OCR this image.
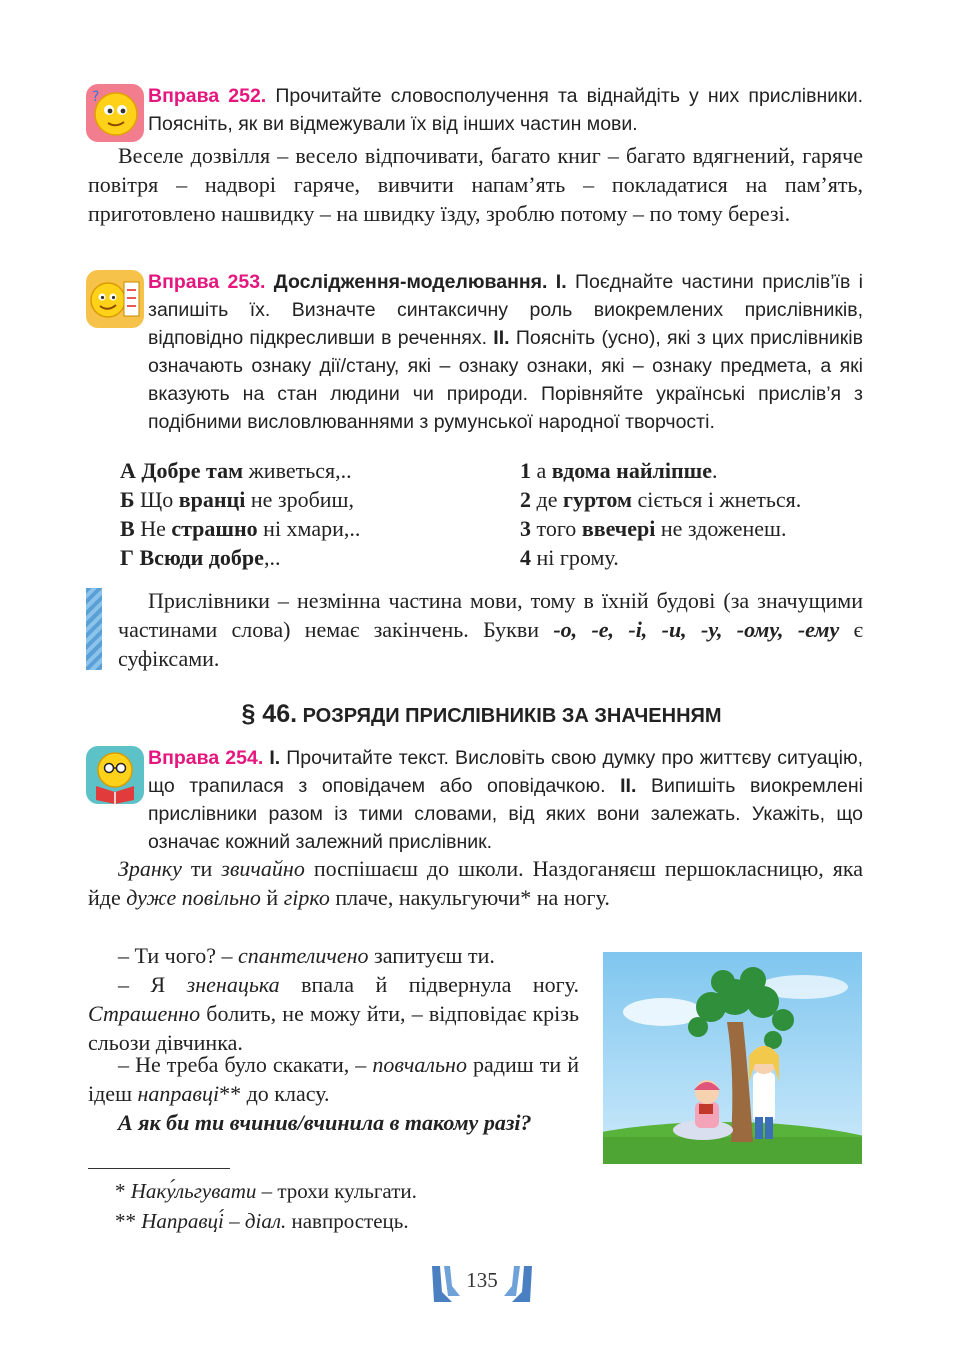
? Вправа 252. Прочитайте словосполучення та віднайдіть у них прислівники. Поясніть, як ви відмежували їх від інших частин мови.
Веселе дозвілля – весело відпочивати, багато книг – багато вдягнений, гаряче повітря – надворі гаряче, вивчити напам’ять – покладатися на пам’ять, приготовлено нашвидку – на швидку їзду, зроблю потому – по тому березі.
Вправа 253. Дослідження-моделювання. I. Поєднайте частини прислів’їв і запишіть їх. Визначте синтаксичну роль виокремлених прислівників, відповідно підкресливши в реченнях. II. Поясніть (усно), які з цих прислівників означають ознаку дії/стану, які – ознаку ознаки, які – ознаку предмета, а які вказують на стан людини чи природи. Порівняйте українські прислів’я з подібними висловлюваннями з румунської народної творчості.
А Добре там живеться,..
Б Що вранці не зробиш,
В Не страшно ні хмари,..
Г Всюди добре,..
1 а вдома найліпше.
2 де гуртом сіється і жнеться.
3 того ввечері не здоженеш.
4 ні грому.
Прислівники – незмінна частина мови, тому в їхній будові (за значущими частинами слова) немає закінчень. Букви -о, -е, -і, -и, -у, -ому, -ему є суфіксами.
§ 46. РОЗРЯДИ ПРИСЛІВНИКІВ ЗА ЗНАЧЕННЯМ
Вправа 254. I. Прочитайте текст. Висловіть свою думку про життєву ситуацію, що трапилася з оповідачем або оповідачкою. II. Випишіть виокремлені прислівники разом із тими словами, від яких вони залежать. Укажіть, що означає кожний залежний прислівник.
Зранку ти звичайно поспішаєш до школи. Наздоганяєш першокласницю, яка йде дуже повільно й гірко плаче, накульгуючи* на ногу.
– Ти чого? – спантеличено запитуєш ти.
– Я зненацька впала й підвернула ногу. Страшенно болить, не можу йти, – відповідає крізь сльози дівчинка.
– Не треба було скакати, – повчально радиш ти й ідеш направці** до класу.
А як би ти вчинив/вчинила в такому разі?
* Наку́льгувати – трохи кульгати.
** Направці́ – діал. навпростець.
135
